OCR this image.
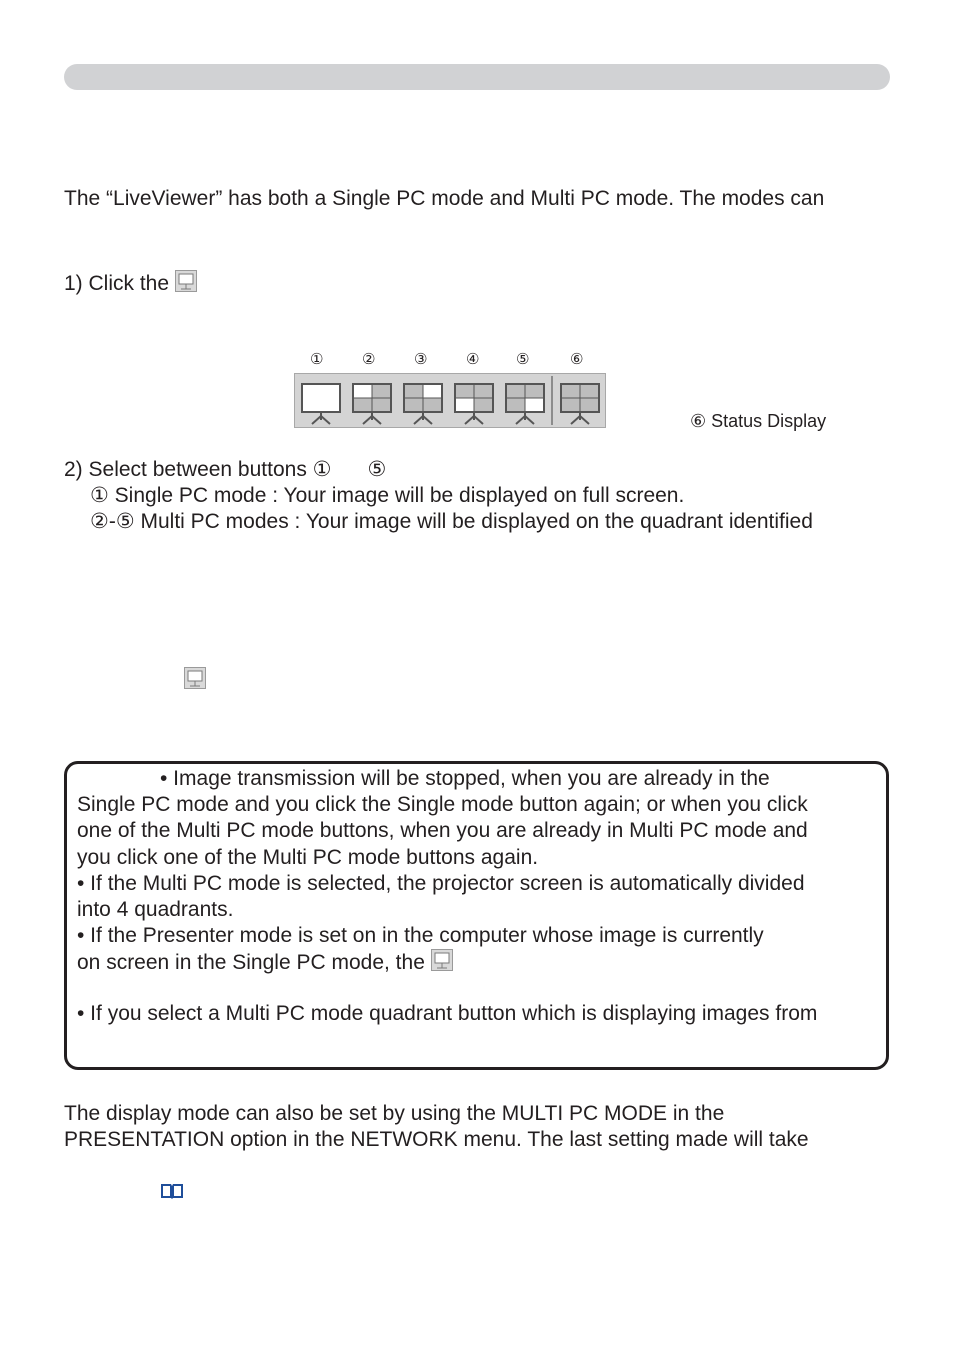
The “LiveViewer” has both a Single PC mode and Multi PC mode. The modes can
1) Click the
①	②	③	④ ⑤	⑥
⑥ Status Display
2) Select between buttons ① ⑤
① Single PC mode : Your image will be displayed on full screen.
②-⑤ Multi PC modes : Your image will be displayed on the quadrant identified
• Image transmission will be stopped, when you are already in the
Single PC mode and you click the Single mode button again; or when you click
one of the Multi PC mode buttons, when you are already in Multi PC mode and
you click one of the Multi PC mode buttons again.
• If the Multi PC mode is selected, the projector screen is automatically divided
into 4 quadrants.
• If the Presenter mode is set on in the computer whose image is currently
on screen in the Single PC mode, the
• If you select a Multi PC mode quadrant button which is displaying images from
The display mode can also be set by using the MULTI PC MODE in the
PRESENTATION option in the NETWORK menu. The last setting made will take
